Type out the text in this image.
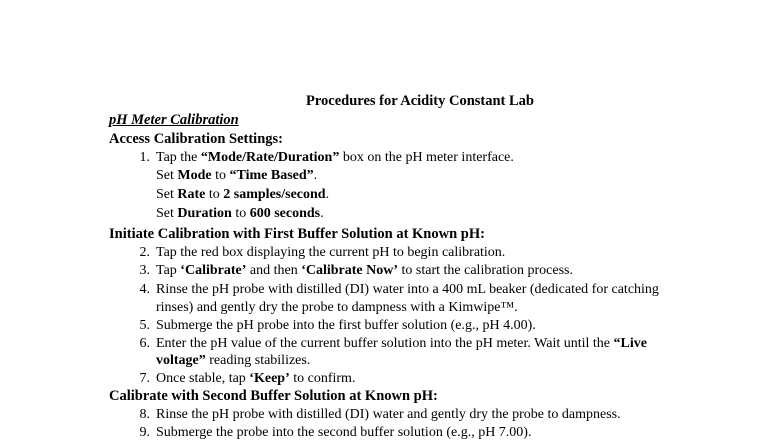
Procedures for Acidity Constant Lab
pH Meter Calibration
Access Calibration Settings:
1. Tap the “Mode/Rate/Duration” box on the pH meter interface.
Set Mode to “Time Based”.
Set Rate to 2 samples/second.
Set Duration to 600 seconds.
Initiate Calibration with First Buffer Solution at Known pH:
2. Tap the red box displaying the current pH to begin calibration.
3. Tap ‘Calibrate’ and then ‘Calibrate Now’ to start the calibration process.
4. Rinse the pH probe with distilled (DI) water into a 400 mL beaker (dedicated for catching
rinses) and gently dry the probe to dampness with a Kimwipe™.
5. Submerge the pH probe into the first buffer solution (e.g., pH 4.00).
6. Enter the pH value of the current buffer solution into the pH meter. Wait until the “Live
voltage” reading stabilizes.
7. Once stable, tap ‘Keep’ to confirm.
Calibrate with Second Buffer Solution at Known pH:
8. Rinse the pH probe with distilled (DI) water and gently dry the probe to dampness.
9. Submerge the probe into the second buffer solution (e.g., pH 7.00).
